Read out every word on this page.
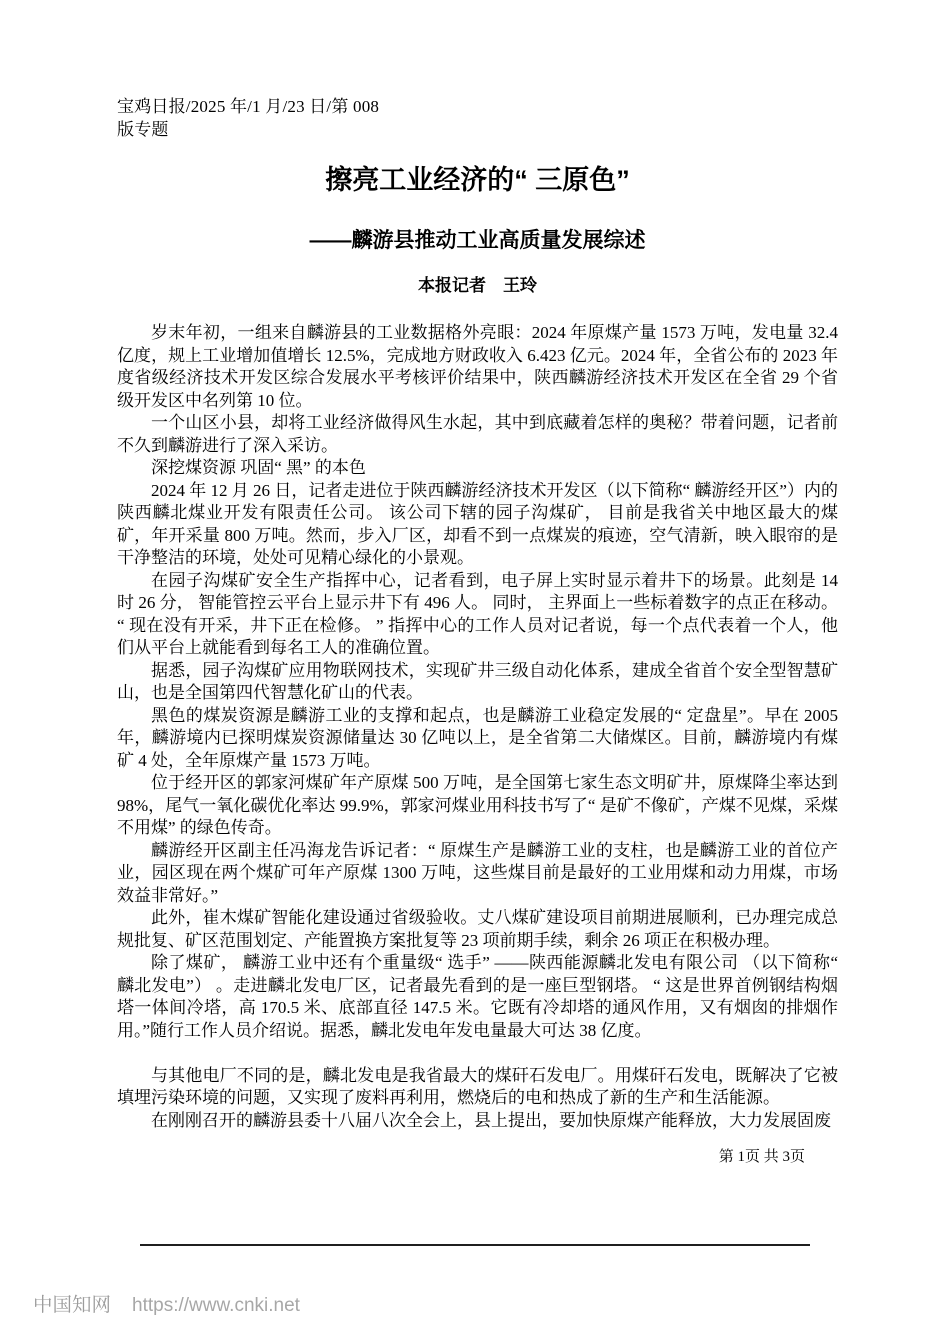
宝鸡日报/2025 年/1 月/23 日/第 008
版专题
擦亮工业经济的“ 三原色”
——麟游县推动工业高质量发展综述
本报记者　王玲

岁末年初，一组来自麟游县的工业数据格外亮眼：2024 年原煤产量 1573 万吨，发电量 32.4 亿度，规上工业增加值增长 12.5%，完成地方财政收入 6.423 亿元。2024 年，全省公布的 2023 年度省级经济技术开发区综合发展水平考核评价结果中，陕西麟游经济技术开发区在全省 29 个省级开发区中名列第 10 位。

一个山区小县，却将工业经济做得风生水起，其中到底藏着怎样的奥秘？带着问题，记者前不久到麟游进行了深入采访。

深挖煤资源 巩固“ 黑” 的本色

2024 年 12 月 26 日，记者走进位于陕西麟游经济技术开发区（以下简称“ 麟游经开区”）内的陕西麟北煤业开发有限责任公司。 该公司下辖的园子沟煤矿， 目前是我省关中地区最大的煤矿，年开采量 800 万吨。然而，步入厂区，却看不到一点煤炭的痕迹，空气清新，映入眼帘的是干净整洁的环境，处处可见精心绿化的小景观。

在园子沟煤矿安全生产指挥中心，记者看到，电子屏上实时显示着井下的场景。此刻是 14 时 26 分， 智能管控云平台上显示井下有 496 人。 同时， 主界面上一些标着数字的点正在移动。“ 现在没有开采，井下正在检修。 ” 指挥中心的工作人员对记者说，每一个点代表着一个人，他们从平台上就能看到每名工人的准确位置。

据悉，园子沟煤矿应用物联网技术，实现矿井三级自动化体系，建成全省首个安全型智慧矿山，也是全国第四代智慧化矿山的代表。

黑色的煤炭资源是麟游工业的支撑和起点，也是麟游工业稳定发展的“ 定盘星”。早在 2005 年，麟游境内已探明煤炭资源储量达 30 亿吨以上，是全省第二大储煤区。目前，麟游境内有煤矿 4 处，全年原煤产量 1573 万吨。

位于经开区的郭家河煤矿年产原煤 500 万吨，是全国第七家生态文明矿井，原煤降尘率达到 98%，尾气一氧化碳优化率达 99.9%，郭家河煤业用科技书写了“ 是矿不像矿，产煤不见煤，采煤不用煤” 的绿色传奇。

麟游经开区副主任冯海龙告诉记者：“ 原煤生产是麟游工业的支柱，也是麟游工业的首位产业，园区现在两个煤矿可年产原煤 1300 万吨，这些煤目前是最好的工业用煤和动力用煤，市场效益非常好。”

此外，崔木煤矿智能化建设通过省级验收。丈八煤矿建设项目前期进展顺利，已办理完成总规批复、矿区范围划定、产能置换方案批复等 23 项前期手续，剩余 26 项正在积极办理。

除了煤矿， 麟游工业中还有个重量级“ 选手” ——陕西能源麟北发电有限公司 （以下简称“ 麟北发电”） 。走进麟北发电厂区，记者最先看到的是一座巨型钢塔。 “ 这是世界首例钢结构烟塔一体间冷塔，高 170.5 米、底部直径 147.5 米。它既有冷却塔的通风作用，又有烟囱的排烟作用。”随行工作人员介绍说。据悉，麟北发电年发电量最大可达 38 亿度。

与其他电厂不同的是，麟北发电是我省最大的煤矸石发电厂。用煤矸石发电，既解决了它被填埋污染环境的问题，又实现了废料再利用，燃烧后的电和热成了新的生产和生活能源。

在刚刚召开的麟游县委十八届八次全会上，县上提出，要加快原煤产能释放，大力发展固废

第 1页 共 3页
中国知网 https://www.cnki.net
